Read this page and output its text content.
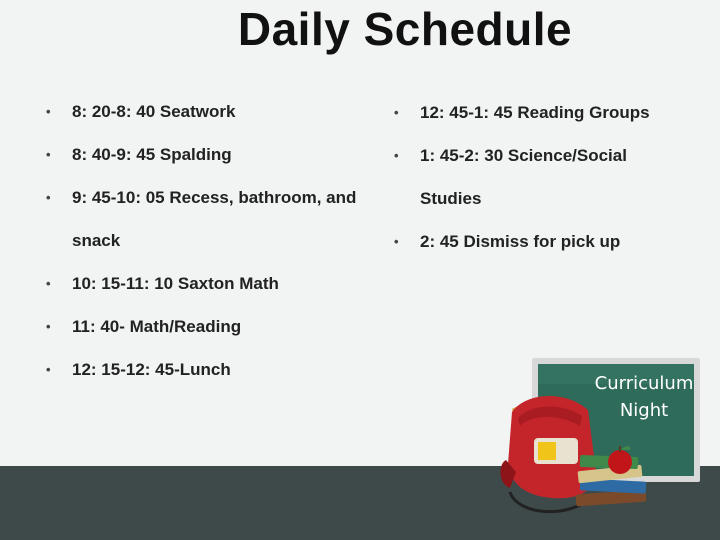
Daily Schedule
• 8: 20-8: 40 Seatwork
• 8: 40-9: 45 Spalding
• 9: 45-10: 05 Recess, bathroom, and
snack
• 10: 15-11: 10 Saxton Math
• 11: 40- Math/Reading
• 12: 15-12: 45-Lunch
• 12: 45-1: 45 Reading Groups
• 1: 45-2: 30 Science/Social
Studies
• 2: 45 Dismiss for pick up
Curriculum
Night
